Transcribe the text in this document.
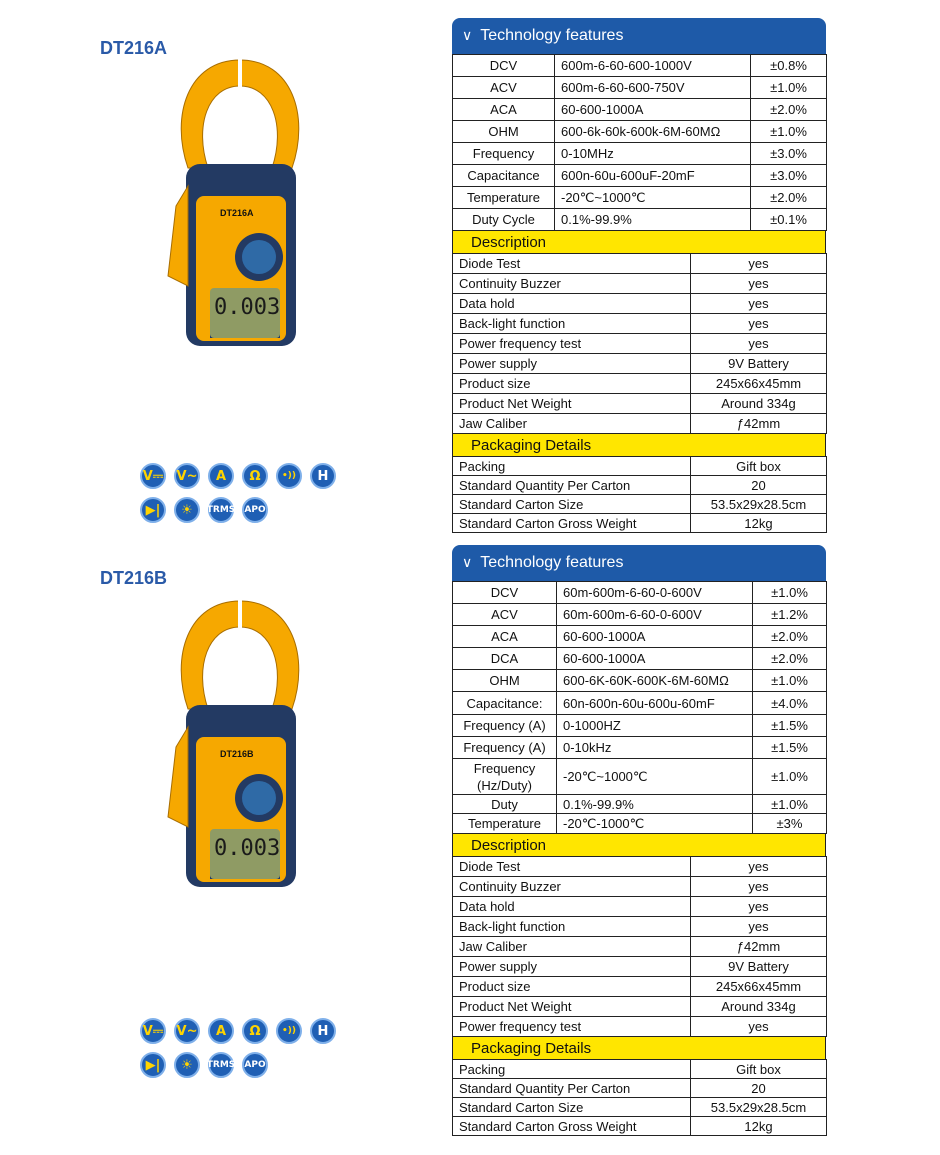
DT216A
DT216A
0.003
V⎓ V~	A	Ω	•))	H
▶|	☀	TRMS APO
∨ Technology features
DCV	600m-6-60-600-1000V	±0.8%
ACV	600m-6-60-600-750V	±1.0%
ACA	60-600-1000A	±2.0%
OHM	600-6k-60k-600k-6M-60MΩ	±1.0%
Frequency	0-10MHz	±3.0%
Capacitance	600n-60u-600uF-20mF	±3.0%
Temperature	-20℃~1000℃	±2.0%
Duty Cycle	0.1%-99.9%	±0.1%
Description
Diode Test	yes
Continuity Buzzer	yes
Data hold	yes
Back-light function	yes
Power frequency test	yes
Power supply	9V Battery
Product size	245x66x45mm
Product Net Weight	Around 334g
Jaw Caliber	ƒ42mm
Packaging Details
Packing	Gift box
Standard Quantity Per Carton	20
Standard Carton Size	53.5x29x28.5cm
Standard Carton Gross Weight	12kg
DT216B
DT216B
0.003
V⎓ V~	A	Ω	•))	H
▶|	☀	TRMS APO
∨ Technology features
DCV	60m-600m-6-60-0-600V	±1.0%
ACV	60m-600m-6-60-0-600V	±1.2%
ACA	60-600-1000A	±2.0%
DCA	60-600-1000A	±2.0%
OHM	600-6K-60K-600K-6M-60MΩ	±1.0%
Capacitance:	60n-600n-60u-600u-60mF	±4.0%
Frequency (A)	0-1000HZ	±1.5%
Frequency (A)	0-10kHz	±1.5%
Frequency
(Hz/Duty)	-20℃~1000℃	±1.0%
Duty	0.1%-99.9%	±1.0%
Temperature	-20℃-1000℃	±3%
Description
Diode Test	yes
Continuity Buzzer	yes
Data hold	yes
Back-light function	yes
Jaw Caliber	ƒ42mm
Power supply	9V Battery
Product size	245x66x45mm
Product Net Weight	Around 334g
Power frequency test	yes
Packaging Details
Packing	Gift box
Standard Quantity Per Carton	20
Standard Carton Size	53.5x29x28.5cm
Standard Carton Gross Weight	12kg
